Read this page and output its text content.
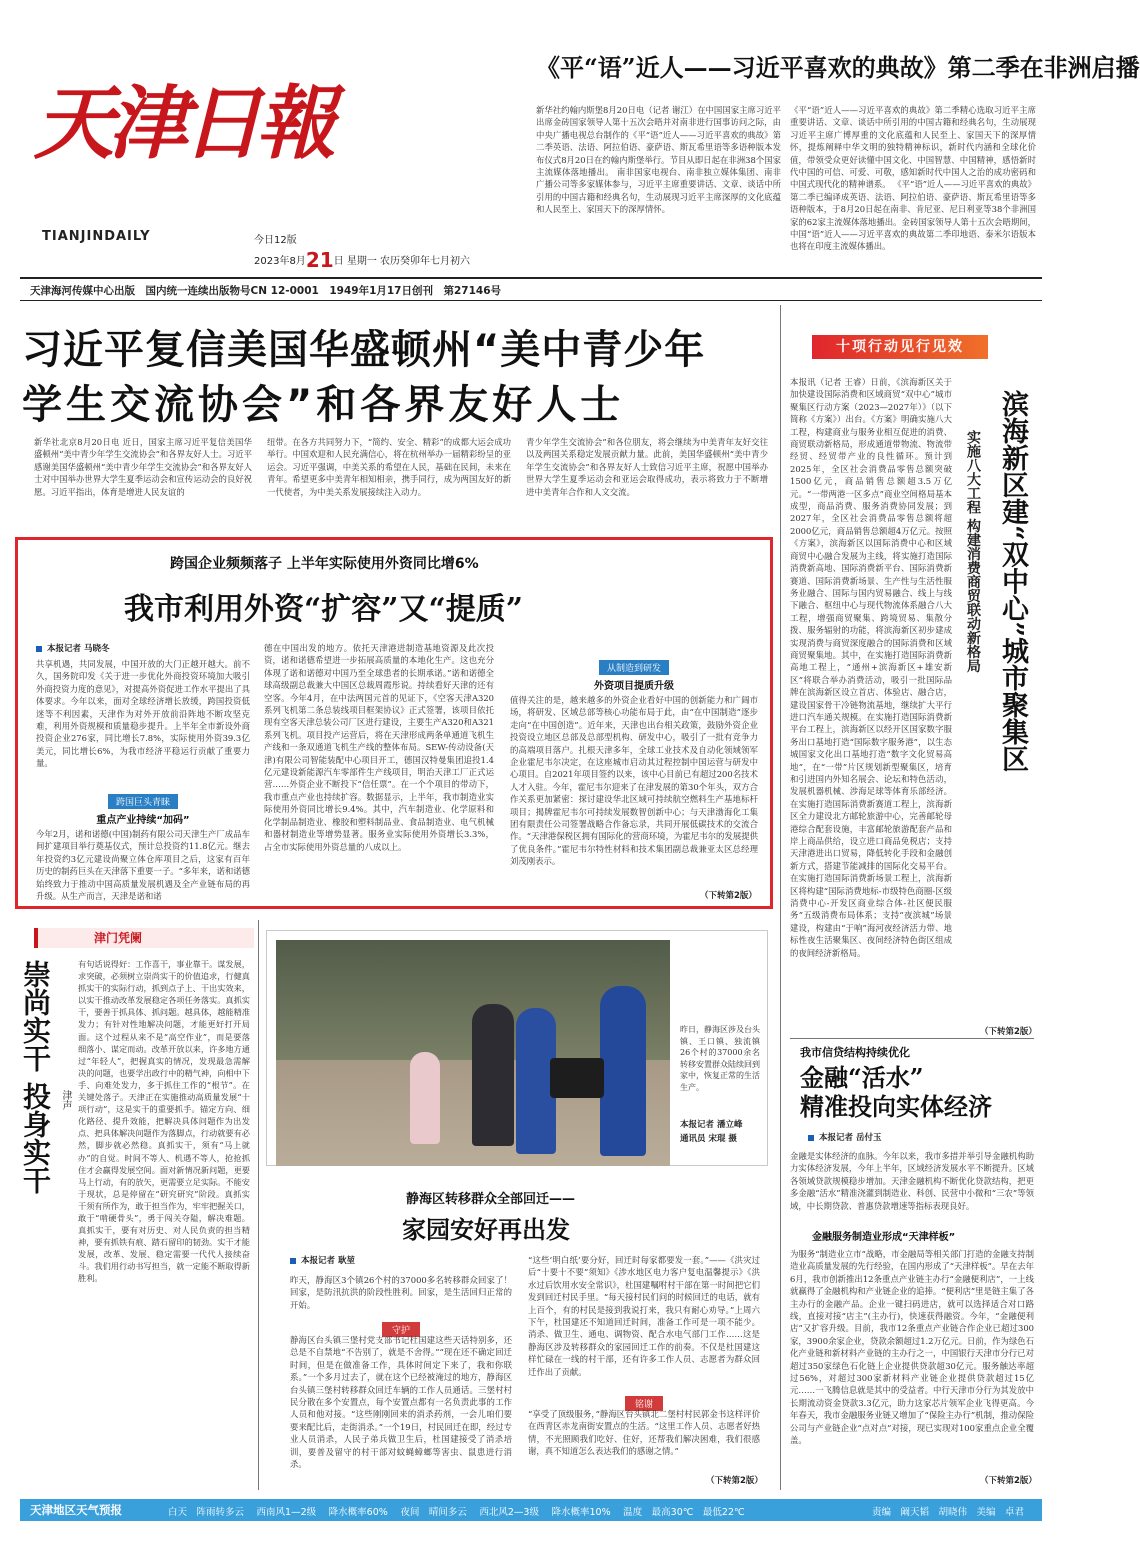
天津日報
TIANJINDAILY	今日12版
2023年8月21日 星期一 农历癸卯年七月初六
《平“语”近人——习近平喜欢的典故》第二季在非洲启播
新华社约翰内斯堡8月20日电（记者 谢江）在中国国家主席习近平出席金砖国家领导人第十五次会晤并对南非进行国事访问之际，由中央广播电视总台制作的《平“语”近人——习近平喜欢的典故》第二季英语、法语、阿拉伯语、豪萨语、斯瓦希里语等多语种版本发布仪式8月20日在约翰内斯堡举行。节目从即日起在非洲38个国家主流媒体落地播出。 南非国家电视台、南非独立媒体集团、南非广播公司等多家媒体参与，习近平主席重要讲话、文章、谈话中所引用的中国古籍和经典名句，生动展现习近平主席深厚的文化底蕴和人民至上、家国天下的深厚情怀。
《平“语”近人——习近平喜欢的典故》第二季精心选取习近平主席重要讲话、文章、谈话中所引用的中国古籍和经典名句，生动展现习近平主席广博厚重的文化底蕴和人民至上、家国天下的深厚情怀，提炼阐释中华文明的独特精神标识，新时代内涵和全球化价值，带领受众更好读懂中国文化、中国智慧、中国精神，感悟新时代中国的可信、可爱、可敬，感知新时代中国人之治的成功密码和中国式现代化的精神谱系。 《平“语”近人——习近平喜欢的典故》第二季已编译成英语、法语、阿拉伯语、豪萨语、斯瓦希里语等多语种版本，于8月20日起在南非、肯尼亚、尼日利亚等38个非洲国家的62家主流媒体落地播出。金砖国家领导人第十五次会晤期间，中国“语”近人——习近平喜欢的典故第二季印地语、泰米尔语版本也将在印度主流媒体播出。
天津海河传媒中心出版　国内统一连续出版物号CN 12-0001　1949年1月17日创刊　第27146号
习近平复信美国华盛顿州“美中青少年
学生交流协会”和各界友好人士
新华社北京8月20日电 近日，国家主席习近平复信美国华盛顿州“美中青少年学生交流协会”和各界友好人士。习近平感谢美国华盛顿州“美中青少年学生交流协会”和各界友好人士对中国举办世界大学生夏季运动会和宣传运动会的良好祝愿。习近平指出，体育是增进人民友谊的
纽带。在各方共同努力下，“简约、安全、精彩”的成都大运会成功举行。中国欢迎和人民充满信心，将在杭州举办一届精彩纷呈的亚运会。习近平强调，中美关系的希望在人民，基础在民间，未来在青年。希望更多中美青年相知相亲，携手同行，成为两国友好的新一代使者，为中美关系发展接续注入动力。
青少年学生交流协会”和各位朋友，将会继续为中美青年友好交往以及两国关系稳定发展贡献力量。此前，美国华盛顿州“美中青少年学生交流协会”和各界友好人士致信习近平主席，祝愿中国举办世界大学生夏季运动会和亚运会取得成功，表示将致力于不断增进中美青年合作和人文交流。
跨国企业频频落子 上半年实际使用外资同比增6%
我市利用外资“扩容”又“提质”
本报记者 马晓冬
共享机遇，共同发展，中国开放的大门正越开越大。前不久，国务院印发《关于进一步优化外商投资环境加大吸引外商投资力度的意见》，对提高外资促进工作水平提出了具体要求。今年以来，面对全球经济增长放缓，跨国投资低迷等不利因素，天津作为对外开放前沿阵地不断攻坚克难，利用外资规模和质量稳步提升。上半年全市新设外商投资企业276家，同比增长7.8%，实际使用外资39.3亿美元，同比增长6%，为我市经济平稳运行贡献了重要力量。
跨国巨头青睐
重点产业持续“加码”
今年2月，诺和诺德(中国)制药有限公司天津生产厂成品车间扩建项目举行奠基仪式，预计总投资约11.8亿元。继去年投资约3亿元建设尚聚立体仓库项目之后，这家有百年历史的制药巨头在天津落下重要一子。“多年来，诺和诺德始终致力于推动中国高质量发展机遇及全产业链布局的再升级。从生产而言，天津是诺和诺
德在中国出发的地方。依托天津港进制造基地资源及此次投资，诺和诺德希望进一步拓展高质量的本地化生产。这也充分体现了诺和诺德对中国乃至全球患者的长期承诺。”诺和诺德全球高级副总裁兼大中国区总裁周霞彤说。持续看好天津的还有空客。今年4月，在中法两国元首的见证下，《空客天津A320系列飞机第二条总装线项目框架协议》正式签署，该项目依托现有空客天津总装公司厂区进行建设，主要生产A320和A321系列飞机。项目投产运营后，将在天津形成两条单通道飞机生产线和一条双通道飞机生产线的整体布局。SEW-传动设备(天津)有限公司智能装配中心项目开工，德国汉特曼集团追投1.4亿元建设新能源汽车零部件生产线项目，明治天津工厂正式运营……外资企业不断投下“信任票”。在一个个项目的带动下，我市重点产业也持续扩容。数据显示，上半年，我市制造业实际使用外资同比增长9.4%。其中，汽车制造业、化学原料和化学制品制造业、橡胶和塑料制品业、食品制造业、电气机械和器材制造业等增势显著。服务业实际使用外资增长3.3%，占全市实际使用外资总量的八成以上。
从制造到研发
外资项目提质升级
值得关注的是，越来越多的外资企业看好中国的创新能力和广阔市场，将研发、区域总部等核心功能布局于此，由“在中国制造”逐步走向“在中国创造”。近年来，天津也出台相关政策，鼓励外资企业投资设立地区总部及总部型机构、研发中心，吸引了一批有竞争力的高端项目落户。扎根天津多年，全球工业技术及自动化领域领军企业霍尼韦尔决定，在这座城市启动其过程控制中国运营与研发中心项目。自2021年项目签约以来，该中心目前已有超过200名技术人才入驻。今年，霍尼韦尔迎来了在津发展的第30个年头，双方合作关系更加紧密：探讨建设华北区域可持续航空燃料生产基地标杆项目；揭牌霍尼韦尔可持续发展数智创新中心；与天津渤海化工集团有限责任公司签署战略合作备忘录，共同开展低碳技术的交流合作。“天津港保税区拥有国际化的营商环境，为霍尼韦尔的发展提供了优良条件。”霍尼韦尔特性材料和技术集团副总裁兼亚太区总经理刘茂刚表示。
（下转第2版）
十项行动见行见效
本报讯（记者 王睿）日前，《滨海新区关于加快建设国际消费和区域商贸“双中心”城市聚集区行动方案（2023—2027年）》（以下简称《方案》）出台。《方案》明确实施八大工程，构建商业与服务业相互促进的消费、商贸联动新格局，形成通道带物流、物流带经贸、经贸带产业的良性循环。预计到2025年，全区社会消费品零售总额突破1500亿元，商品销售总额超3.5万亿元。“一带两港一区多点”商业空间格局基本成型，商品消费、服务消费协同发展；到2027年，全区社会消费品零售总额将超2000亿元，商品销售总额超4万亿元。按照《方案》，滨海新区以国际消费中心和区域商贸中心融合发展为主线，将实施打造国际消费新高地、国际消费新平台、国际消费新赛道、国际消费新场景、生产性与生活性服务业融合、国际与国内贸易融合、线上与线下融合、枢纽中心与现代物流体系融合八大工程，增强商贸聚集、跨境贸易、集散分拨、服务辐射的功能，将滨海新区初步建成实现消费与商贸深度融合的国际消费和区域商贸聚集地。其中，在实施打造国际消费新高地工程上，“通州+滨海新区+雄安新区”将联合举办消费活动，吸引一批国际品牌在滨海新区设立首店、体验店、融合店，建设国家骨干冷链物流基地，继续扩大平行进口汽车通关规模。在实施打造国际消费新平台工程上，滨海新区以经开区国家数字服务出口基地打造“国际数字服务港”，以生态城国家文化出口基地打造“数字文化贸易高地”，在“一带”片区规划新型聚集区，培育和引进国内外知名展会、论坛和特色活动，发展机器机械、涉海足球等体育乐部经济。在实施打造国际消费新赛道工程上，滨海新区全力建设北方邮轮旅游中心，完善邮轮母港综合配套设施，丰富邮轮旅游配套产品和岸上商品供给，设立进口商品免税店；支持天津港进出口贸易，降低转化手段和金融创新方式，搭建节能减排的国际化交易平台。在实施打造国际消费新场景工程上，滨海新区将构建“国际消费地标-市级特色商圈-区级消费中心-开发区商业综合体-社区便民服务”五级消费布局体系；支持“夜滨城”场景建设，构建由“于响”海河夜经济活力带、地标性夜生活聚集区、夜间经济特色街区组成的夜间经济新格局。
滨海新区建“双中心”城市聚集区
实施八大工程 构建消费商贸联动新格局
（下转第2版）
我市信贷结构持续优化
金融“活水”
精准投向实体经济
本报记者 岳付玉
金融是实体经济的血脉。今年以来，我市多措并举引导金融机构助力实体经济发展，今年上半年，区域经济发展水平不断提升。区域各领域贷款规模稳步增加。天津金融机构不断优化贷款结构，把更多金融“活水”精准浇灌到制造业、科创、民营中小微和“三农”等领域，中长期贷款、普惠贷款增速等指标表现良好。
金融服务制造业形成“天津样板”
为服务“制造业立市”战略，市金融局等相关部门打造的金融支持制造业高质量发展的先行经验，在国内形成了“天津样板”。早在去年6月，我市创新推出12条重点产业链主办行“金融便利店”，一上线就赢得了金融机构和产业链企业的追捧。“便利店”里是链主集了各主办行的金融产品。企业一键扫码进店，就可以选择适合对口路线，直接对接“店主”(主办行)，快速获得融资。今年，“金融便利店”又扩容升级。目前，我市12条重点产业链合作企业已超过300家，3900余家企业，贷款余额超过1.2万亿元。日前，作为绿色石化产业链和新材料产业链的主办行之一，中国银行天津市分行已对超过350家绿色石化链上企业提供贷款超30亿元。服务触达率超过56%，对超过300家新材料产业链企业提供贷款超过15亿元……一飞腾信息就是其中的受益者。中行天津市分行为其发放中长期流动资金贷款3.3亿元，助力这家芯片领军企业飞得更高。今年春天，我市金融服务业链又增加了“保险主办行”机制，推动保险公司与产业链企业“点对点”对接，现已实现对100家重点企业全覆盖。
（下转第2版）
津门凭阑
崇尚实干 投身实干 津声
有句话说得好：工作喜干，事业靠干。谋发展，求突破，必须树立崇尚实干的价值追求，行健真抓实干的实际行动，抓到点子上、干出实效来，以实干推动改革发展稳定各项任务落实。真抓实干，要善于抓具体、抓问题。越具体，越能精准发力；有针对性地解决问题，才能更好打开局面。这个过程从来不是“高空作业”，而是要落细落小、谋定而动。改革开放以来，许多地方通过“年轻人”，把握真实的情况，发现最急需解决的问题，也要学出政行中的精气神，向相中下手、向难处发力，多于抓住工作的“根节”。在关键处落子。天津正在实施推动高质量发展“十项行动”，这是实干的重要抓手。锚定方向、细化路径、提升效能，把解决具体问题作为出发点、把具体解决问题作为落脚点，行动就要有必然，脚步就必然稳。真抓实干，须有“马上就办”的自觉。时间不等人、机遇不等人，抢抢抓住才会赢得发展空间。面对新情况新问题，更要马上行动，有的放矢，更需要立足实际。不能安于现状，总是停留在“研究研究”阶段。真抓实干须有所作为，敢于担当作为，牢牢把握关口，敢于“啃硬骨头”，勇于闯关夺隘，解决难题。真抓实干，要有对历史、对人民负责的担当精神，要有抓铁有痕、踏石留印的韧劲。实干才能发展，改革、发展、稳定需要一代代人接续奋斗。我们用行动书写担当，就一定能不断取得新胜利。
昨日，静海区涉及台头镇、王口镇、独流镇26个村的37000余名转移安置群众陆续回到家中，恢复正常的生活生产。
本报记者 潘立峰
通讯员 宋琨 摄
静海区转移群众全部回迁——
家园安好再出发
本报记者 耿堃
昨天，静海区3个镇26个村的37000多名转移群众回家了！回家，是防汛抗洪的阶段性胜利。回家，是生活回归正常的开始。
守护
静海区台头镇三堡村党支部书记杜国建这些天话特别多，还总是不自禁地“不告别了，就是不舍得。”“现在还不确定回迁时间，但是在做准备工作，具体时间定下来了，我和你联系。”一个多月过去了，就在这个已经被淹过的地方，静海区台头镇三堡村转移群众回迁车辆的工作人员通话。三堡村村民分散在多个安置点，每个安置点都有一名负责此事的工作人员和他对接。“这些刚刚回来的消杀药剂，一会儿咱们要要来配比后，走街消杀。”一个19日，村民回迁在即，经过专业人员消杀，人民子弟兵做卫生后，杜国建接受了消杀培训，要普及留守的村干部对蚊蝇蟑螂等害虫、鼠患进行消杀。
“这些‘明白纸’要分好，回迁时每家都要发一套。”——《洪灾过后“十要十不要”须知》《涉水地区电力客户复电温馨提示》《洪水过后饮用水安全常识》，杜国建嘱咐村干部在第一时间把它们发到回迁村民手里。“每天接村民们问的时候回迁的电话，就有上百个，有的村民是接到我说打来，我只有耐心劝导。”上周六下午，杜国建还不知道回迁时间，准备工作可是一项不能少。消杀、做卫生、通电、调物资、配合水电气部门工作……这是静海区涉及转移群众的家园回迁工作的前奏。不仅是杜国建这样忙碌在一线的村干部，还有许多工作人员、志愿者为群众回迁作出了贡献。
铭谢
“享受了顶级服务，”静海区台头镇北二堡村村民郭金书这样评价在西青区赤龙南街安置点的生活。“这里工作人员、志愿者好热情，不光照顾我们吃好、住好，还帮我们解决困难，我们很感谢，真不知道怎么表达我们的感谢之情。”
（下转第2版）
天津地区天气预报	白天　阵雨转多云　 西南风1—2级　 降水概率60%　 夜间　晴间多云　 西北风2—3级　 降水概率10%　 温度　最高30℃　最低22℃	责编　阚天韬　胡晓伟　美编　卓君
